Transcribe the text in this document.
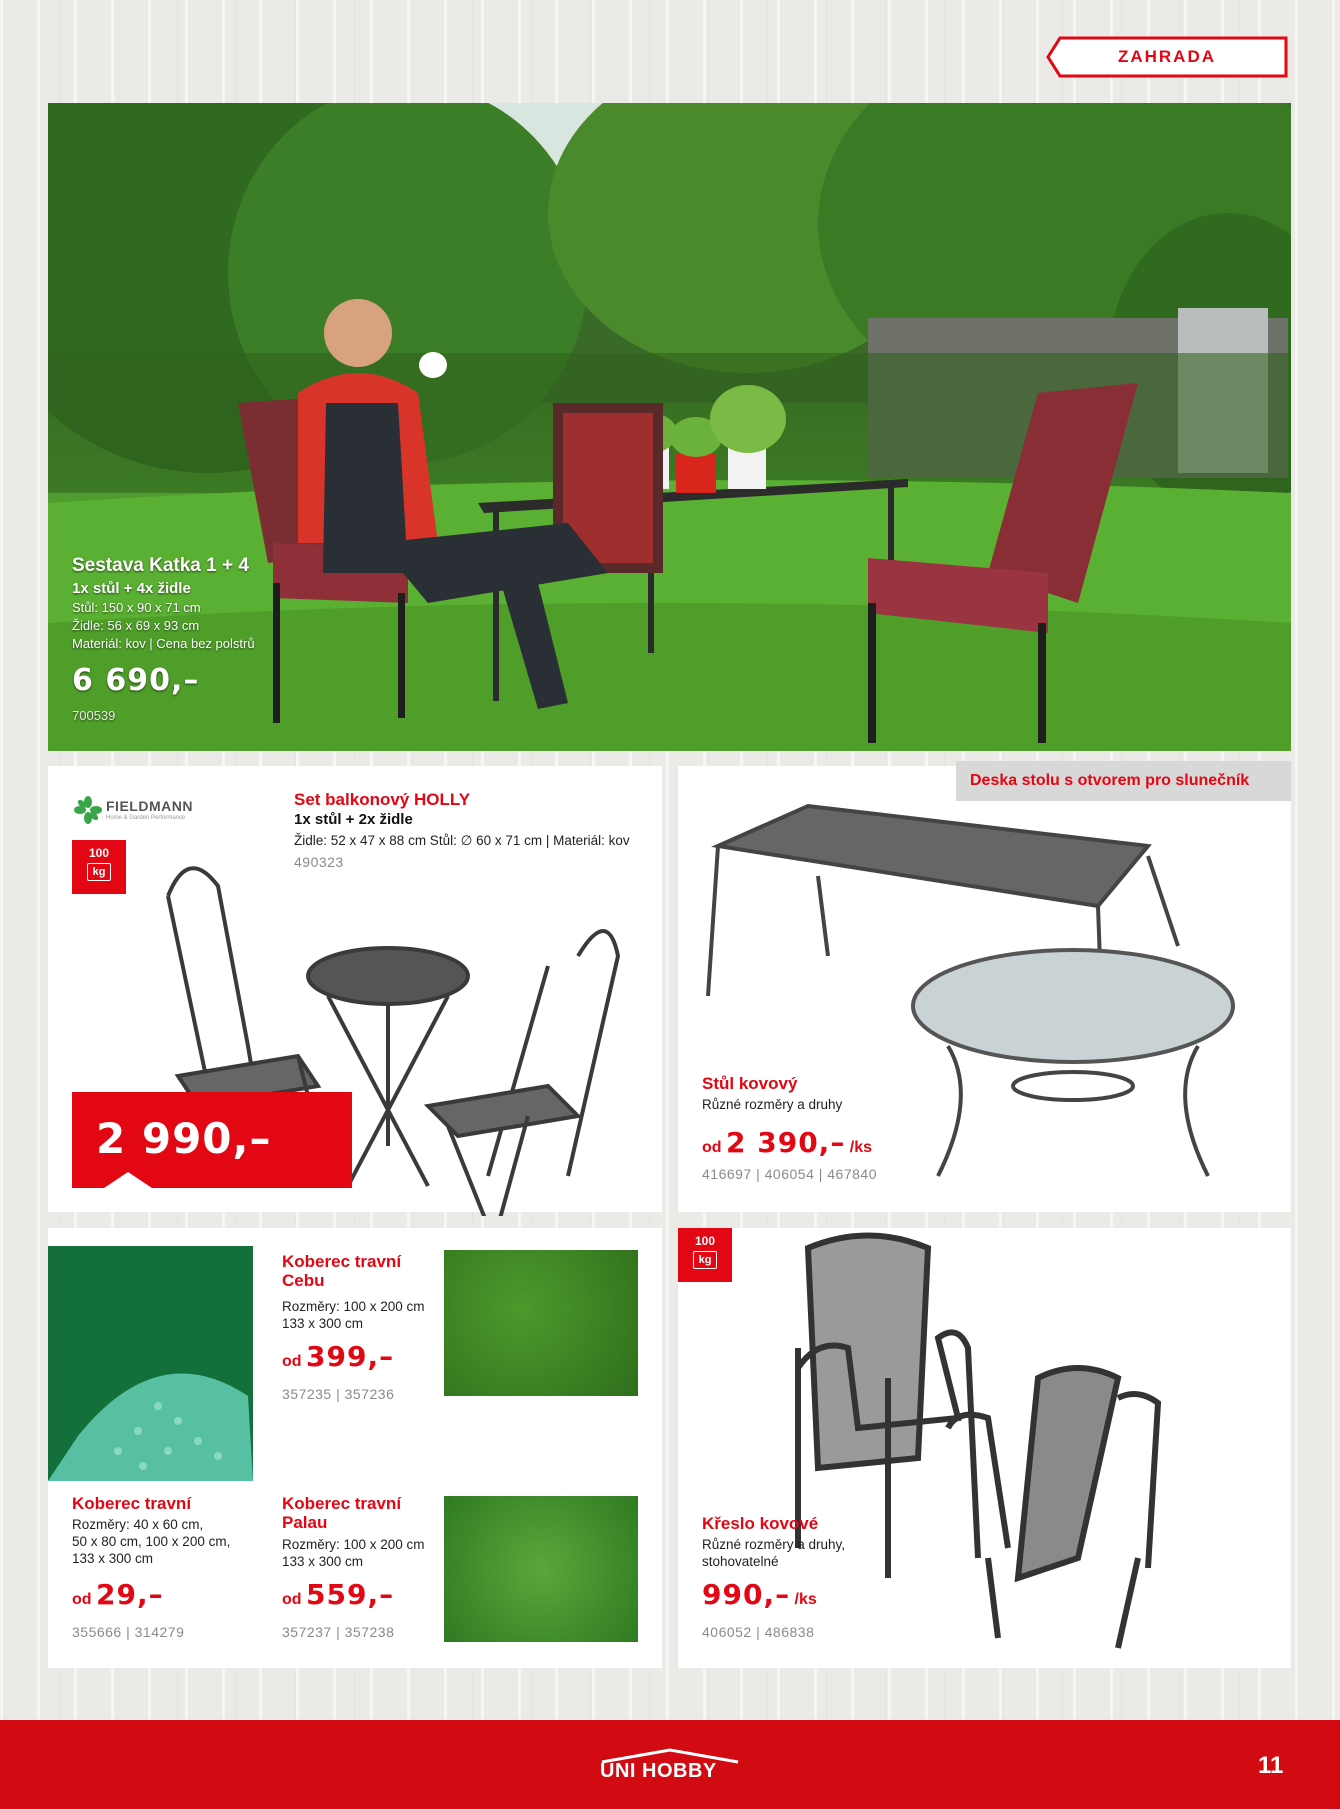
ZAHRADA
Sestava Katka 1 + 4
1x stůl + 4x židle
Stůl: 150 x 90 x 71 cm
Židle: 56 x 69 x 93 cm
Materiál: kov | Cena bez polstrů
6 690,–
700539
FIELDMANN
Home & Garden Performance
100
kg
Set balkonový HOLLY
1x stůl + 2x židle
Židle: 52 x 47 x 88 cm Stůl: ∅ 60 x 71 cm | Materiál: kov
490323
2 990,–
Deska stolu s otvorem pro slunečník
Stůl kovový
Různé rozměry a druhy
od 2 390,– /ks
416697 | 406054 | 467840
Koberec travní
Rozměry: 40 x 60 cm,
50 x 80 cm, 100 x 200 cm,
133 x 300 cm
od 29,–
355666 | 314279
Koberec travní
Cebu
Rozměry: 100 x 200 cm
133 x 300 cm
od 399,–
357235 | 357236
Koberec travní
Palau
Rozměry: 100 x 200 cm
133 x 300 cm
od 559,–
357237 | 357238
100
kg
Křeslo kovové
Různé rozměry a druhy,
stohovatelné
990,– /ks
406052 | 486838
UNI HOBBY	11
